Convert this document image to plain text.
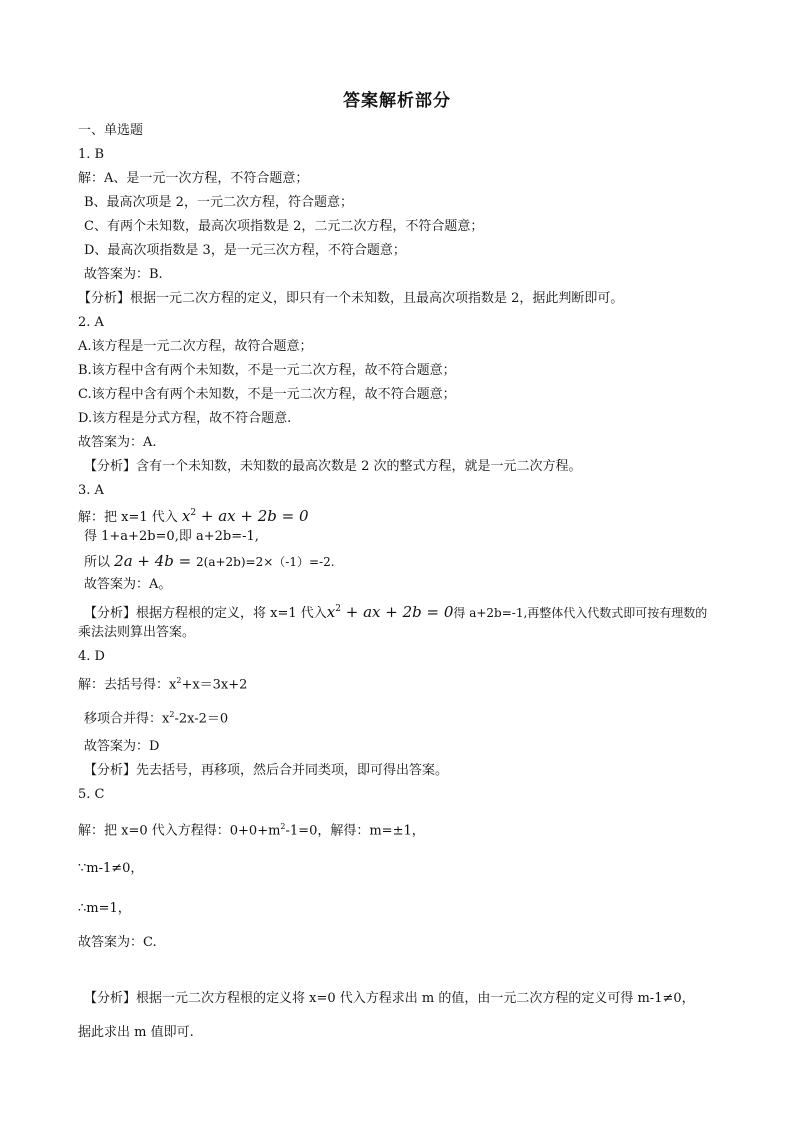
答案解析部分
一、单选题
1. B
解：A、是一元一次方程，不符合题意；
B、最高次项是 2，一元二次方程，符合题意；
C、有两个未知数，最高次项指数是 2，二元二次方程，不符合题意；
D、最高次项指数是 3，是一元三次方程，不符合题意；
故答案为：B.
【分析】根据一元二次方程的定义，即只有一个未知数，且最高次项指数是 2，据此判断即可。
2. A
A.该方程是一元二次方程，故符合题意；
B.该方程中含有两个未知数，不是一元二次方程，故不符合题意；
C.该方程中含有两个未知数，不是一元二次方程，故不符合题意；
D.该方程是分式方程，故不符合题意.
故答案为：A.
【分析】含有一个未知数，未知数的最高次数是 2 次的整式方程，就是一元二次方程。
3. A
解：把 x=1 代入 $x^2$ + ax + 2b = 0
得 1+a+2b=0,即 a+2b=-1,
所以 2a + 4b = 2(a+2b)=2×（-1）=-2.
故答案为：A。
【分析】根据方程根的定义，将 x=1 代入$x^2$ + ax + 2b = 0得 a+2b=-1,再整体代入代数式即可按有理数的
乘法法则算出答案。
4. D
解：去括号得：$x^2+x=3x+2$
移项合并得：$x^2-2x-2=0$
故答案为：D
【分析】先去括号，再移项，然后合并同类项，即可得出答案。
5. C
解：把 x=0 代入方程得：$0+0+m^2-1=0$，解得：m=±1，
∵m-1≠0，
∴m=1，
故答案为：C.
【分析】根据一元二次方程根的定义将 x=0 代入方程求出 m 的值，由一元二次方程的定义可得 m-1≠0，
据此求出 m 值即可.
